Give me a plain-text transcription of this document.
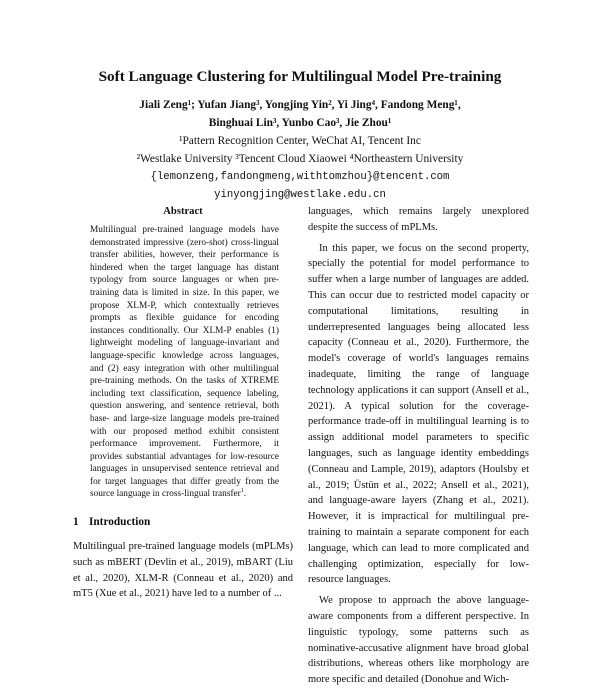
Soft Language Clustering for Multilingual Model Pre-training
Jiali Zeng¹; Yufan Jiang³, Yongjing Yin², Yi Jing⁴, Fandong Meng¹,
Binghuai Lin³, Yunbo Cao³, Jie Zhou¹
¹Pattern Recognition Center, WeChat AI, Tencent Inc
²Westlake University ³Tencent Cloud Xiaowei ⁴Northeastern University
{lemonzeng,fandongmeng,withtomzhou}@tencent.com
yinyongjing@westlake.edu.cn
Abstract
Multilingual pre-trained language models have demonstrated impressive (zero-shot) cross-lingual transfer abilities, however, their performance is hindered when the target language has distant typology from source languages or when pre-training data is limited in size. In this paper, we propose XLM-P, which contextually retrieves prompts as flexible guidance for encoding instances conditionally. Our XLM-P enables (1) lightweight modeling of language-invariant and language-specific knowledge across languages, and (2) easy integration with other multilingual pre-training methods. On the tasks of XTREME including text classification, sequence labeling, question answering, and sentence retrieval, both base- and large-size language models pre-trained with our proposed method exhibit consistent performance improvement. Furthermore, it provides substantial advantages for low-resource languages in unsupervised sentence retrieval and for target languages that differ greatly from the source language in cross-lingual transfer$^1$.
1 Introduction
Multilingual pre-trained language models (mPLMs) such as mBERT (Devlin et al., 2019), mBART (Liu et al., 2020), XLM-R (Conneau et al., 2020) and mT5 (Xue et al., 2021) have led to a number of ...

languages, which remains largely unexplored despite the success of mPLMs.

In this paper, we focus on the second property, specially the potential for model performance to suffer when a large number of languages are added. This can occur due to restricted model capacity or computational limitations, resulting in underrepresented languages being allocated less capacity (Conneau et al., 2020). Furthermore, the model's coverage of world's languages remains inadequate, limiting the range of language technology applications it can support (Ansell et al., 2021). A typical solution for the coverage-performance trade-off in multilingual learning is to assign additional model parameters to specific languages, such as language identity embeddings (Conneau and Lample, 2019), adaptors (Houlsby et al., 2019; Üstün et al., 2022; Ansell et al., 2021), and language-aware layers (Zhang et al., 2021). However, it is impractical for multilingual pre-training to maintain a separate component for each language, which can lead to more complicated and challenging optimization, especially for low-resource languages.

We propose to approach the above language-aware components from a different perspective. In linguistic typology, some patterns such as nominative-accusative alignment have broad global distributions, whereas others like morphology are more specific and detailed (Donohue and Wich-
